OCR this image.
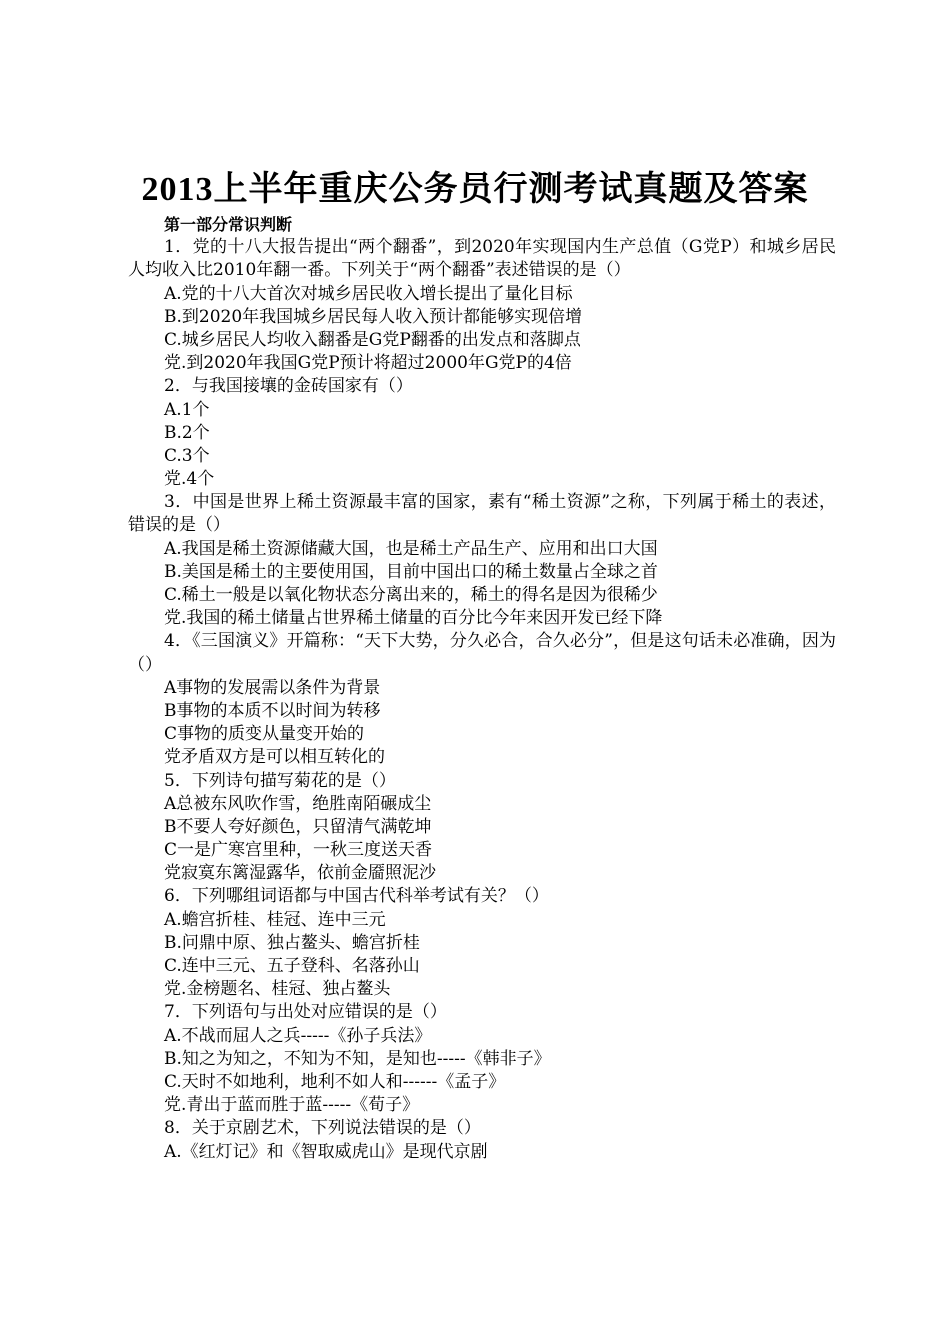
2013上半年重庆公务员行测考试真题及答案
第一部分常识判断
1．党的十八大报告提出“两个翻番”，到2020年实现国内生产总值（G党P）和城乡居民人均收入比2010年翻一番。下列关于“两个翻番”表述错误的是（）
A.党的十八大首次对城乡居民收入增长提出了量化目标
B.到2020年我国城乡居民每人收入预计都能够实现倍增
C.城乡居民人均收入翻番是G党P翻番的出发点和落脚点
党.到2020年我国G党P预计将超过2000年G党P的4倍
2．与我国接壤的金砖国家有（）
A.1个
B.2个
C.3个
党.4个
3．中国是世界上稀土资源最丰富的国家，素有“稀土资源”之称，下列属于稀土的表述，错误的是（）
A.我国是稀土资源储藏大国，也是稀土产品生产、应用和出口大国
B.美国是稀土的主要使用国，目前中国出口的稀土数量占全球之首
C.稀土一般是以氧化物状态分离出来的，稀土的得名是因为很稀少
党.我国的稀土储量占世界稀土储量的百分比今年来因开发已经下降
4．《三国演义》开篇称：“天下大势，分久必合，合久必分”，但是这句话未必准确，因为（）
A事物的发展需以条件为背景
B事物的本质不以时间为转移
C事物的质变从量变开始的
党矛盾双方是可以相互转化的
5．下列诗句描写菊花的是（）
A总被东风吹作雪，绝胜南陌碾成尘
B不要人夸好颜色，只留清气满乾坤
C一是广寒宫里种，一秋三度送天香
党寂寞东篱湿露华，依前金靥照泥沙
6．下列哪组词语都与中国古代科举考试有关？（）
A.蟾宫折桂、桂冠、连中三元
B.问鼎中原、独占鳌头、蟾宫折桂
C.连中三元、五子登科、名落孙山
党.金榜题名、桂冠、独占鳌头
7．下列语句与出处对应错误的是（）
A.不战而屈人之兵-----《孙子兵法》
B.知之为知之，不知为不知，是知也-----《韩非子》
C.天时不如地利，地利不如人和------《孟子》
党.青出于蓝而胜于蓝-----《荀子》
8．关于京剧艺术，下列说法错误的是（）
A.《红灯记》和《智取威虎山》是现代京剧
